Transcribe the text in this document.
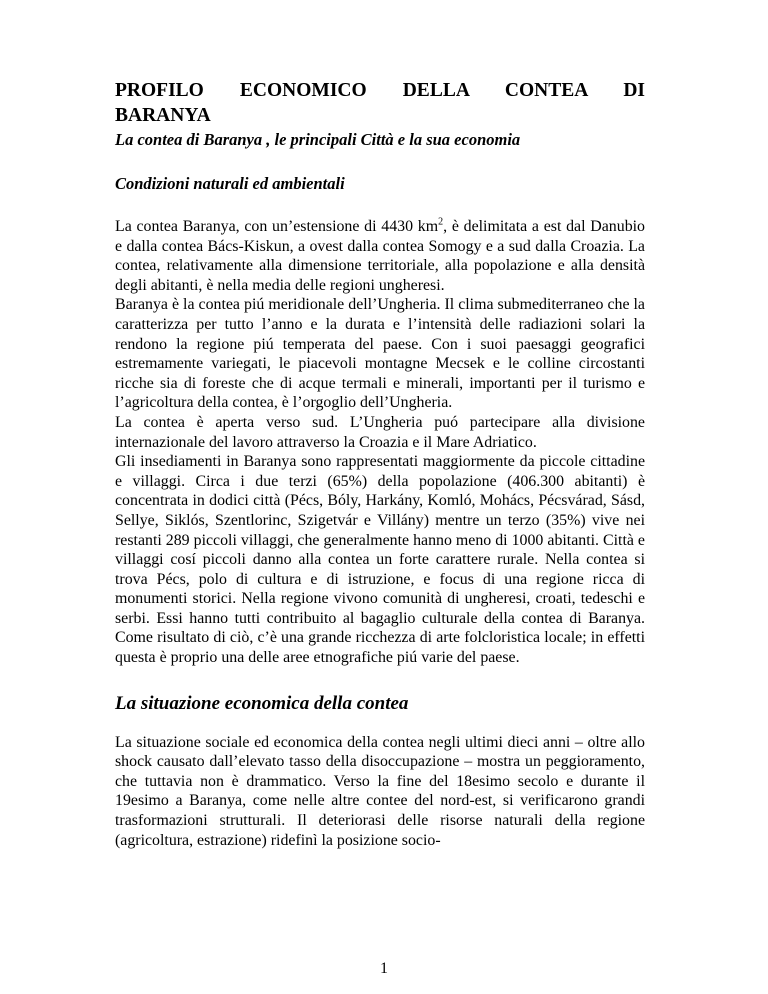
PROFILO ECONOMICO DELLA CONTEA DI

BARANYA

La contea di Baranya , le principali Città e la sua economia

Condizioni naturali ed ambientali

La contea Baranya, con un’estensione di 4430 $km^2$, è delimitata a est dal Danubio e dalla contea Bács-Kiskun, a ovest dalla contea Somogy e a sud dalla Croazia. La contea, relativamente alla dimensione territoriale, alla popolazione e alla densità degli abitanti, è nella media delle regioni ungheresi.

Baranya è la contea piú meridionale dell’Ungheria. Il clima submediterraneo che la caratterizza per tutto l’anno e la durata e l’intensità delle radiazioni solari la rendono la regione piú temperata del paese. Con i suoi paesaggi geografici estremamente variegati, le piacevoli montagne Mecsek e le colline circostanti ricche sia di foreste che di acque termali e minerali, importanti per il turismo e l’agricoltura della contea, è l’orgoglio dell’Ungheria.

La contea è aperta verso sud. L’Ungheria puó partecipare alla divisione internazionale del lavoro attraverso la Croazia e il Mare Adriatico.

Gli insediamenti in Baranya sono rappresentati maggiormente da piccole cittadine e villaggi. Circa i due terzi (65%) della popolazione (406.300 abitanti) è concentrata in dodici città (Pécs, Bóly, Harkány, Komló, Mohács, Pécsvárad, Sásd, Sellye, Siklós, Szentlorinc, Szigetvár e Villány) mentre un terzo (35%) vive nei restanti 289 piccoli villaggi, che generalmente hanno meno di 1000 abitanti. Città e villaggi cosí piccoli danno alla contea un forte carattere rurale. Nella contea si trova Pécs, polo di cultura e di istruzione, e focus di una regione ricca di monumenti storici. Nella regione vivono comunità di ungheresi, croati, tedeschi e serbi. Essi hanno tutti contribuito al bagaglio culturale della contea di Baranya. Come risultato di ciò, c’è una grande ricchezza di arte folcloristica locale; in effetti questa è proprio una delle aree etnografiche piú varie del paese.

La situazione economica della contea

La situazione sociale ed economica della contea negli ultimi dieci anni – oltre allo shock causato dall’elevato tasso della disoccupazione – mostra un peggioramento, che tuttavia non è drammatico. Verso la fine del 18esimo secolo e durante il 19esimo a Baranya, come nelle altre contee del nord-est, si verificarono grandi trasformazioni strutturali. Il deteriorasi delle risorse naturali della regione (agricoltura, estrazione) ridefinì la posizione socio-

1
